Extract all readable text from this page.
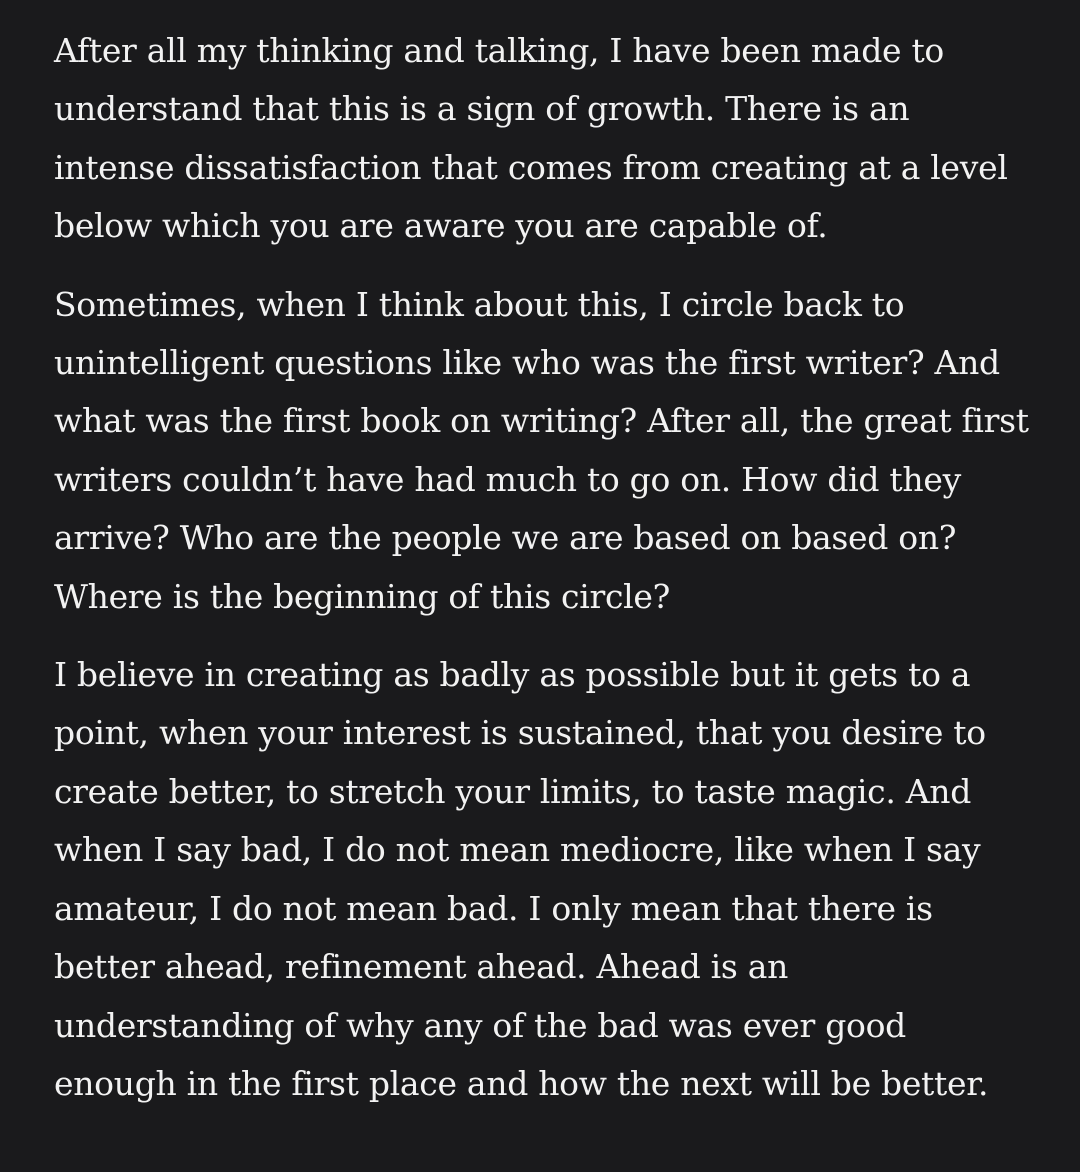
After all my thinking and talking, I have been made to
understand that this is a sign of growth. There is an
intense dissatisfaction that comes from creating at a level
below which you are aware you are capable of.

Sometimes, when I think about this, I circle back to
unintelligent questions like who was the first writer? And
what was the first book on writing? After all, the great first
writers couldn’t have had much to go on. How did they
arrive? Who are the people we are based on based on?
Where is the beginning of this circle?

I believe in creating as badly as possible but it gets to a
point, when your interest is sustained, that you desire to
create better, to stretch your limits, to taste magic. And
when I say bad, I do not mean mediocre, like when I say
amateur, I do not mean bad. I only mean that there is
better ahead, refinement ahead. Ahead is an
understanding of why any of the bad was ever good
enough in the first place and how the next will be better.
